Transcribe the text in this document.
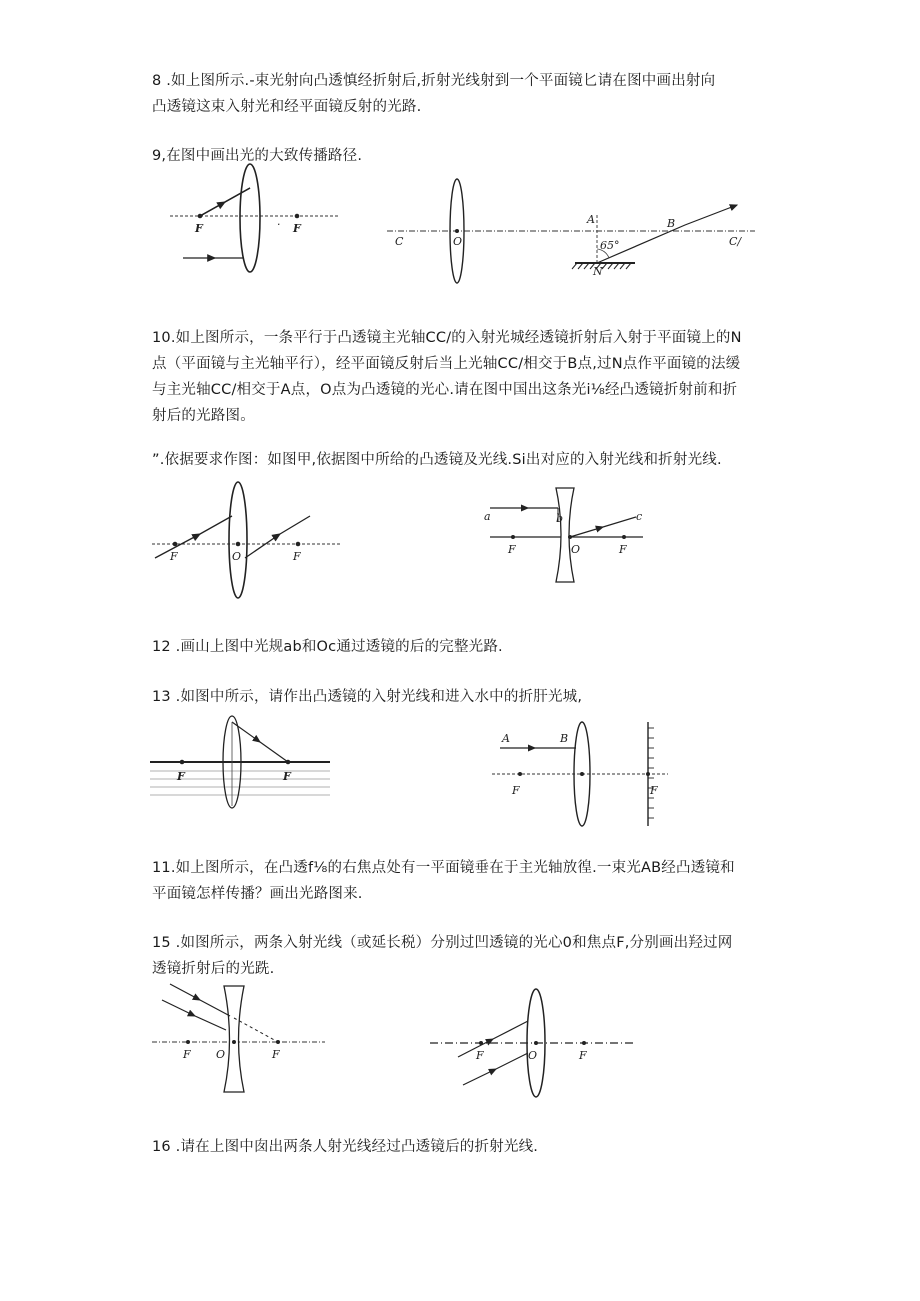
8 .如上图所示.-束光射向凸透慎经折射后,折射光线射到一个平面镜匕请在图中画出射向
凸透镜这束入射光和经平面镜反射的光路.
9,在图中画出光的大致传播路径.
F	· F
C	O
A	B
65°
N
C/
10.如上图所示，一条平行于凸透镜主光轴CC/的入射光城经透镜折射后入射于平面镜上的N
点（平面镜与主光轴平行），经平面镜反射后当上光轴CC/相交于B点,过N点作平面镜的法缓
与主光轴CC/相交于A点，O点为凸透镜的光心.请在图中国出这条光i⅛经凸透镜折射前和折
射后的光路图。
”.依据要求作图：如图甲,依据图中所给的凸透镜及光线.Si出对应的入射光线和折射光线.
F	O	F
a	b	c
F	O	F
12 .画山上图中光规ab和Oc通过透镜的后的完整光路.
13 .如图中所示，请作出凸透镜的入射光线和进入水中的折肝光城,
F	F
A	B
F	F
11.如上图所示，在凸透f⅛的右焦点处有一平面镜垂在于主光轴放徨.一束光AB经凸透镜和
平面镜怎样传播？画出光路图来.
15 .如图所示，两条入射光线（或延长税）分别过凹透镜的光心0和焦点F,分别画出羟过网
透镜折射后的光跣.
F O	F	F	O	F
16 .请在上图中囱出两条人射光线经过凸透镜后的折射光线.
